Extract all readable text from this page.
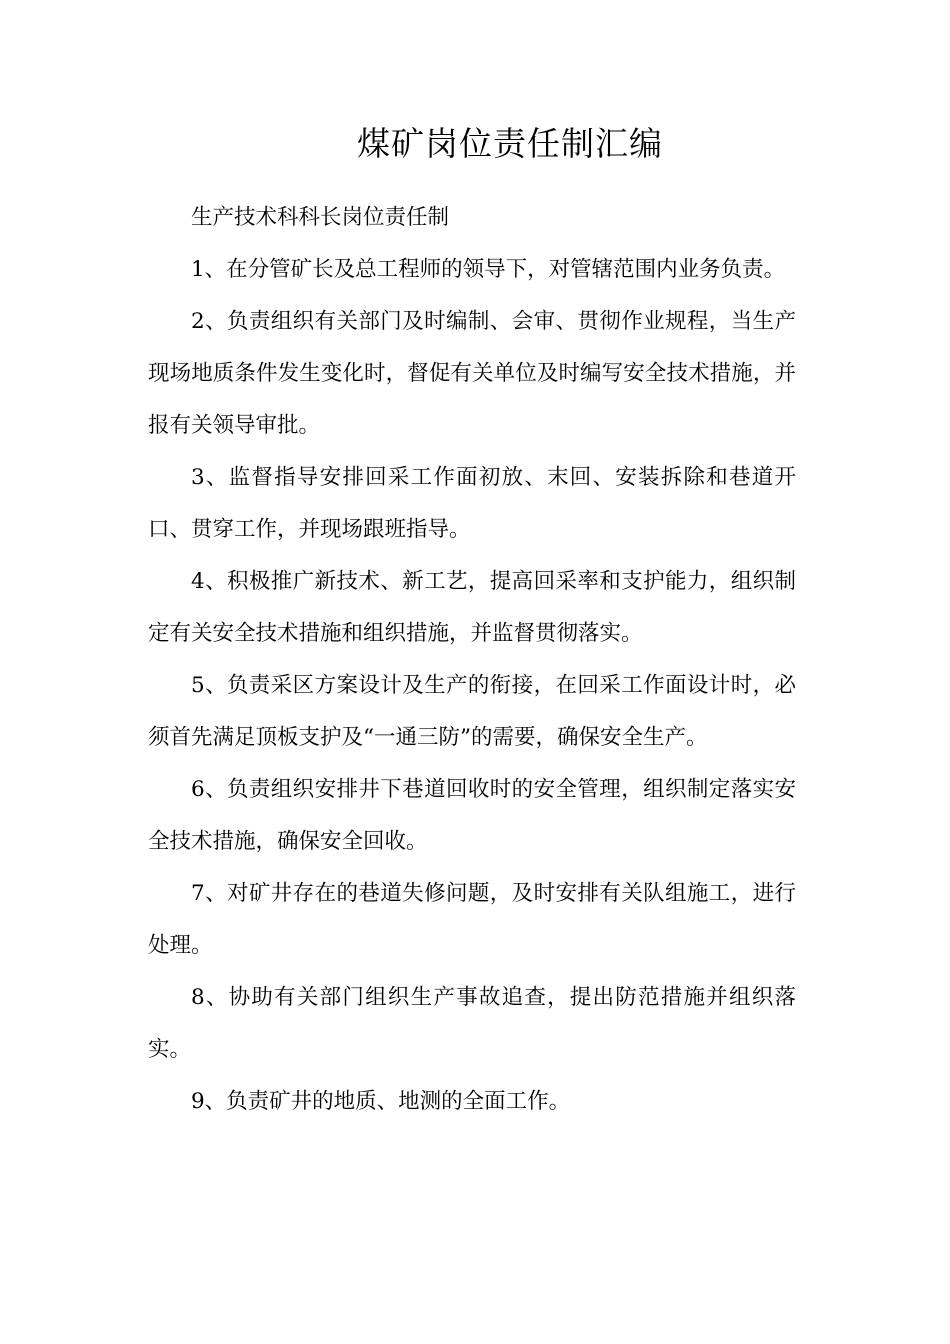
煤矿岗位责任制汇编

生产技术科科长岗位责任制

1、在分管矿长及总工程师的领导下，对管辖范围内业务负责。

2、负责组织有关部门及时编制、会审、贯彻作业规程，当生产现场地质条件发生变化时，督促有关单位及时编写安全技术措施，并报有关领导审批。

3、监督指导安排回采工作面初放、末回、安装拆除和巷道开口、贯穿工作，并现场跟班指导。

4、积极推广新技术、新工艺，提高回采率和支护能力，组织制定有关安全技术措施和组织措施，并监督贯彻落实。

5、负责采区方案设计及生产的衔接，在回采工作面设计时，必须首先满足顶板支护及“一通三防”的需要，确保安全生产。

6、负责组织安排井下巷道回收时的安全管理，组织制定落实安全技术措施，确保安全回收。

7、对矿井存在的巷道失修问题，及时安排有关队组施工，进行处理。

8、协助有关部门组织生产事故追查，提出防范措施并组织落实。

9、负责矿井的地质、地测的全面工作。
